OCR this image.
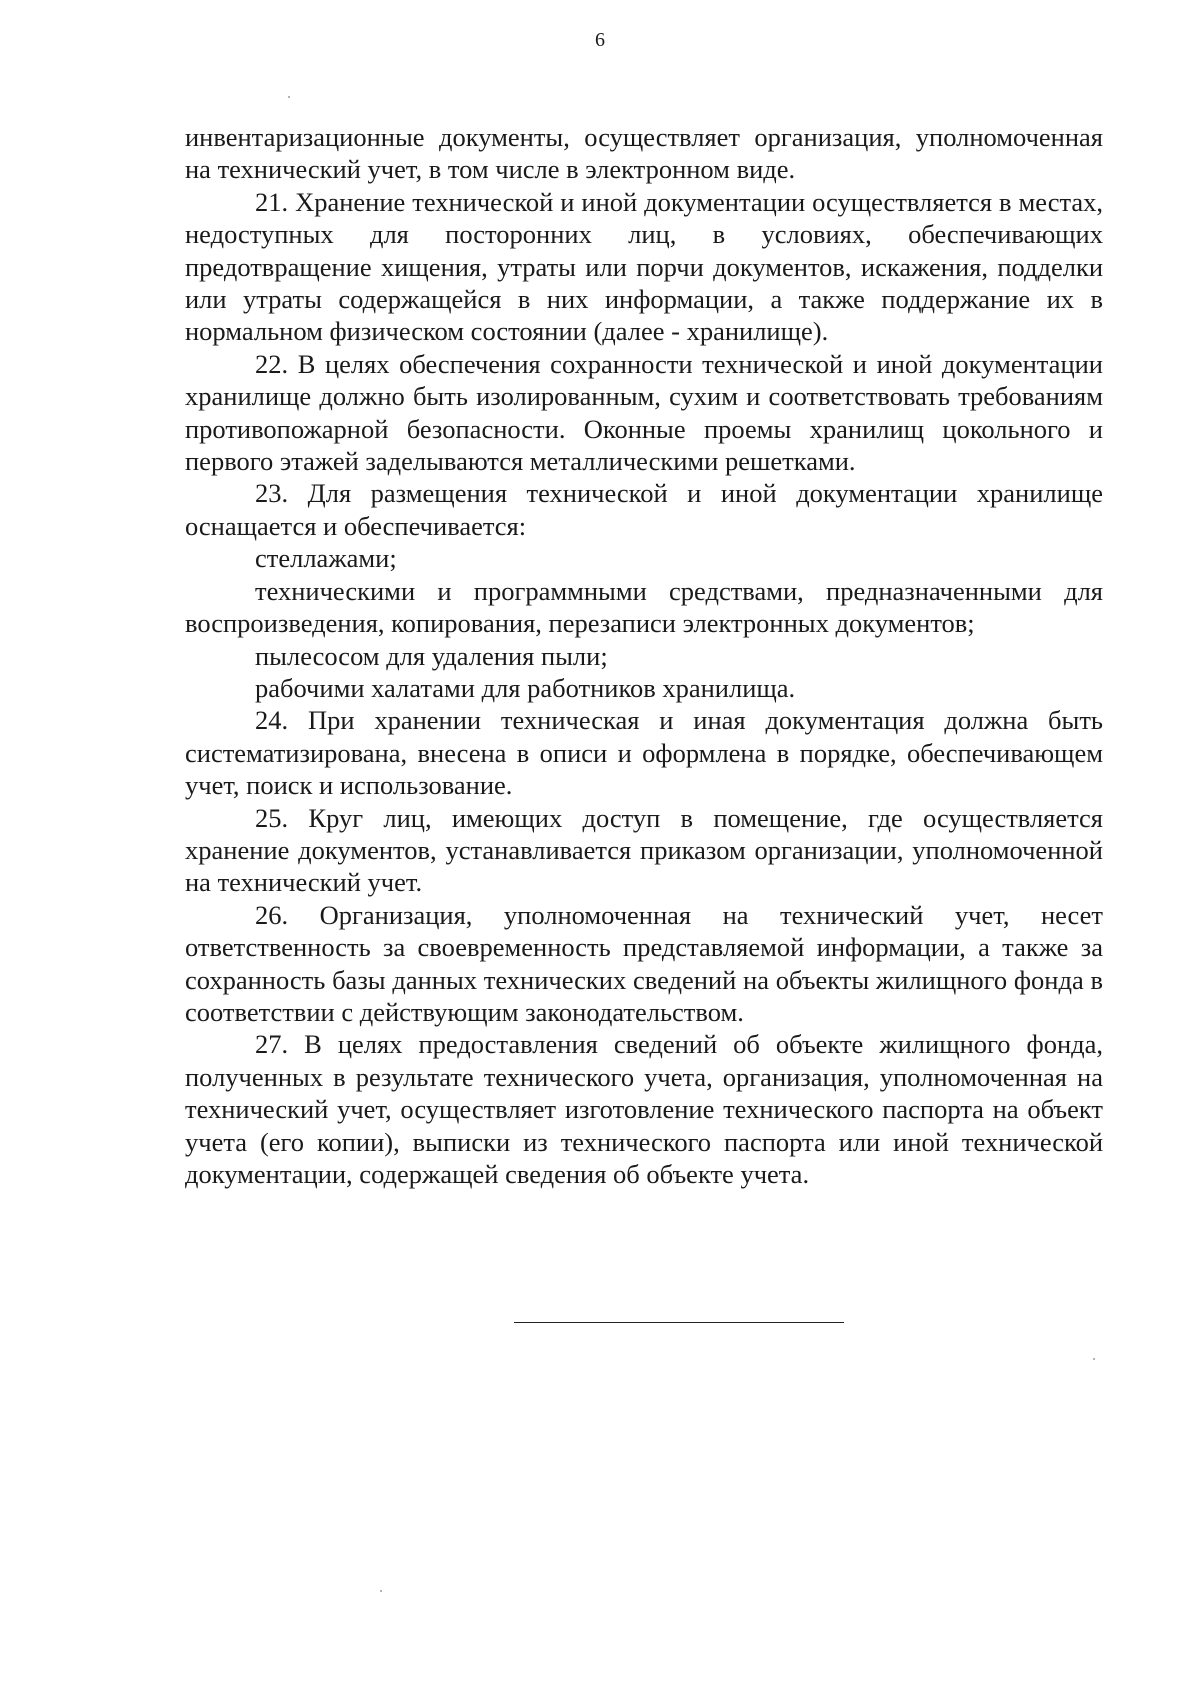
6

инвентаризационные документы, осуществляет организация, уполномоченная на технический учет, в том числе в электронном виде.

21. Хранение технической и иной документации осуществляется в местах, недоступных для посторонних лиц, в условиях, обеспечивающих предотвращение хищения, утраты или порчи документов, искажения, подделки или утраты содержащейся в них информации, а также поддержание их в нормальном физическом состоянии (далее - хранилище).

22. В целях обеспечения сохранности технической и иной документации хранилище должно быть изолированным, сухим и соответствовать требованиям противопожарной безопасности. Оконные проемы хранилищ цокольного и первого этажей заделываются металлическими решетками.

23. Для размещения технической и иной документации хранилище оснащается и обеспечивается:

стеллажами;

техническими и программными средствами, предназначенными для воспроизведения, копирования, перезаписи электронных документов;

пылесосом для удаления пыли;

рабочими халатами для работников хранилища.

24. При хранении техническая и иная документация должна быть систематизирована, внесена в описи и оформлена в порядке, обеспечивающем учет, поиск и использование.

25. Круг лиц, имеющих доступ в помещение, где осуществляется хранение документов, устанавливается приказом организации, уполномоченной на технический учет.

26. Организация, уполномоченная на технический учет, несет ответственность за своевременность представляемой информации, а также за сохранность базы данных технических сведений на объекты жилищного фонда в соответствии с действующим законодательством.

27. В целях предоставления сведений об объекте жилищного фонда, полученных в результате технического учета, организация, уполномоченная на технический учет, осуществляет изготовление технического паспорта на объект учета (его копии), выписки из технического паспорта или иной технической документации, содержащей сведения об объекте учета.
